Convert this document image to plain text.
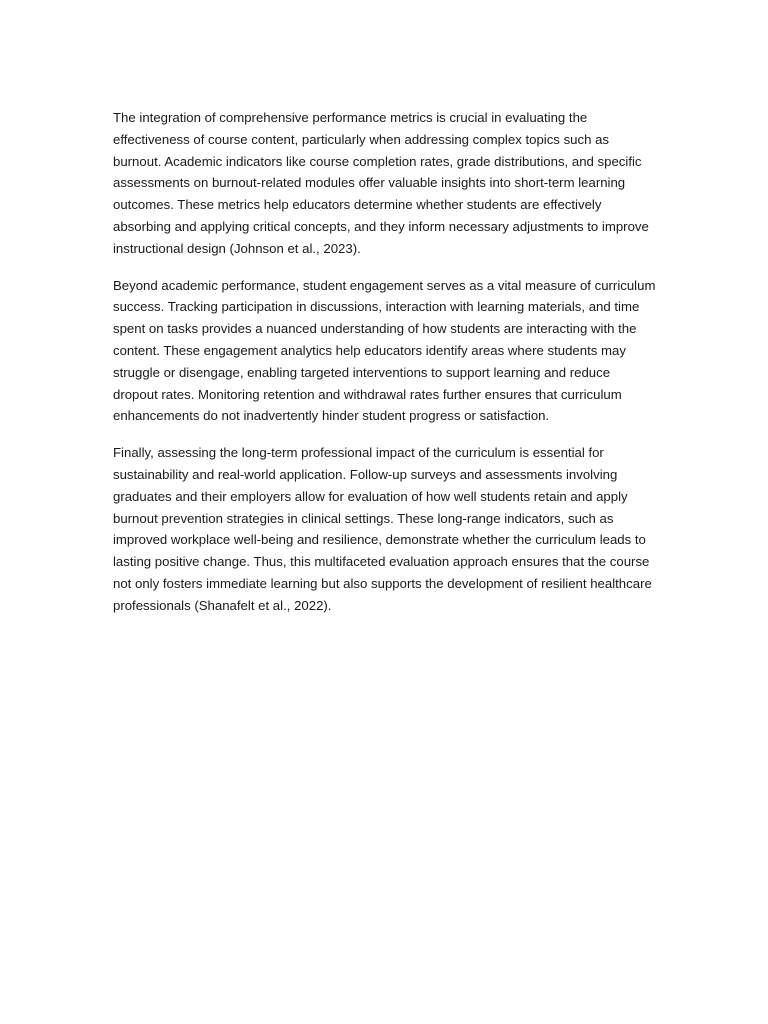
The integration of comprehensive performance metrics is crucial in evaluating the effectiveness of course content, particularly when addressing complex topics such as burnout. Academic indicators like course completion rates, grade distributions, and specific assessments on burnout-related modules offer valuable insights into short-term learning outcomes. These metrics help educators determine whether students are effectively absorbing and applying critical concepts, and they inform necessary adjustments to improve instructional design (Johnson et al., 2023).

Beyond academic performance, student engagement serves as a vital measure of curriculum success. Tracking participation in discussions, interaction with learning materials, and time spent on tasks provides a nuanced understanding of how students are interacting with the content. These engagement analytics help educators identify areas where students may struggle or disengage, enabling targeted interventions to support learning and reduce dropout rates. Monitoring retention and withdrawal rates further ensures that curriculum enhancements do not inadvertently hinder student progress or satisfaction.

Finally, assessing the long-term professional impact of the curriculum is essential for sustainability and real-world application. Follow-up surveys and assessments involving graduates and their employers allow for evaluation of how well students retain and apply burnout prevention strategies in clinical settings. These long-range indicators, such as improved workplace well-being and resilience, demonstrate whether the curriculum leads to lasting positive change. Thus, this multifaceted evaluation approach ensures that the course not only fosters immediate learning but also supports the development of resilient healthcare professionals (Shanafelt et al., 2022).
